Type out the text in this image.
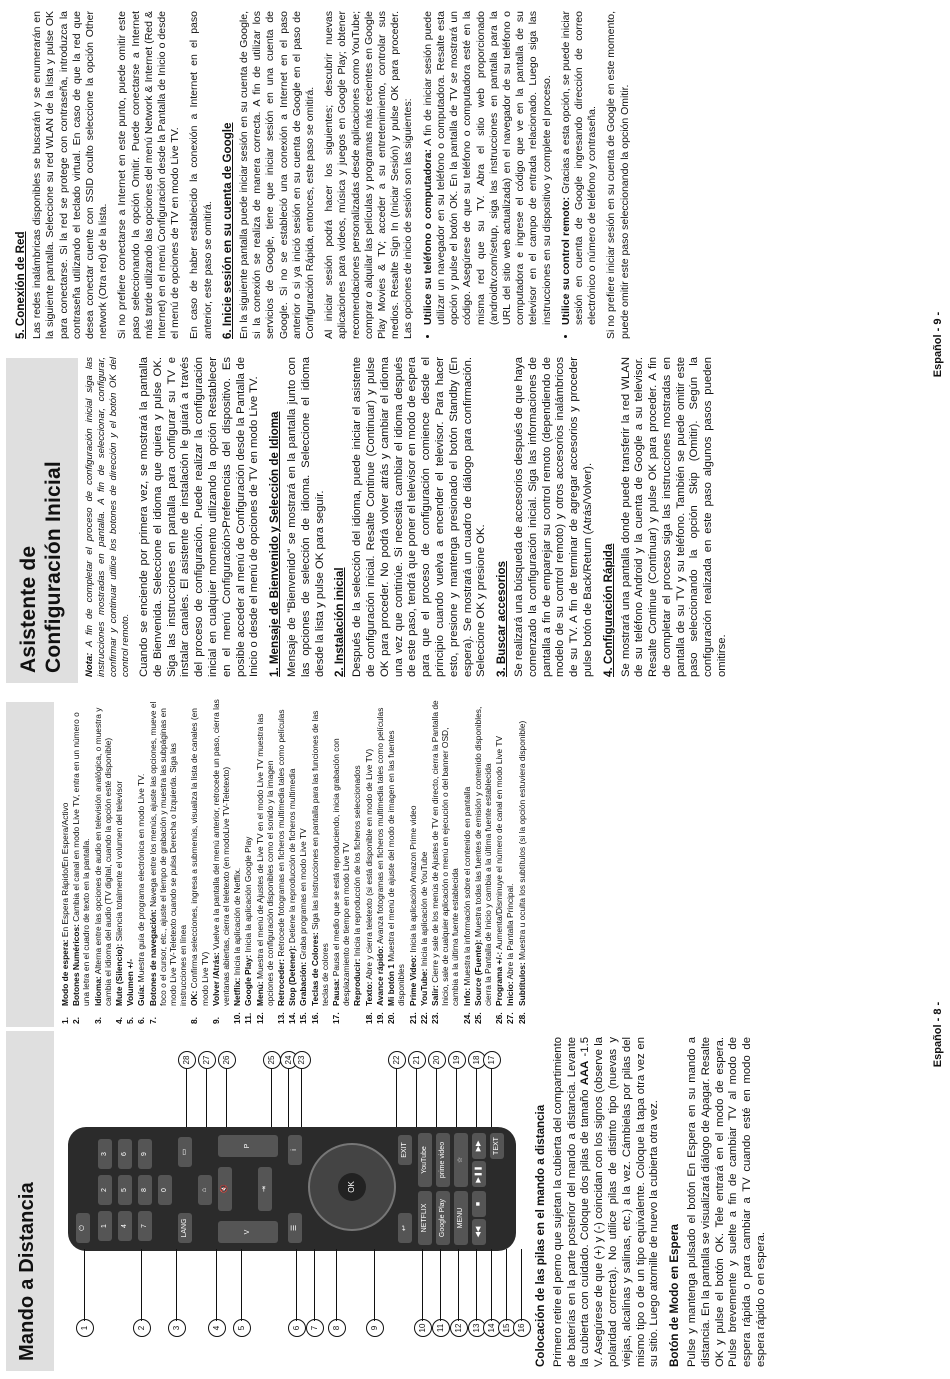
Mando a Distancia	⏻	1
2
3
4
5
6
7
8
9
0
LANG
▭
⌂
V
P
🔇	⇥
☰
i
OK
↩
EXIT
NETFLIX
YouTube
Google Play
prime video
MENU
☆
◀◀
■
▶❚❚
▶▶	TEXT
1	2	3	4	5	6	7	8	9	10	11	12	13 14 15 16
28	27	26	25	24 23	22	21	20	19	18 17
1.
Modo de espera: En Espera Rápido/En Espera/Activo
2.
Botones Numéricos: Cambia el canal en modo Live TV, entra en un número o una letra en el cuadro de texto en la pantalla.
3.
Idioma: Alterna entre las opciones de audio en televisión analógica, o muestra y cambia el idioma del audio (TV digital, cuando la opción esté disponible)
4.
Mute (Silencio): Silencia totalmente el volumen del televisor
5.
Volumen +/-
6.
Guía: Muestra guía de programa electrónica en modo Live TV.
7.
Botones de navegación: Navega entre los menús, ajuste las opciones, mueve el foco o el cursor, etc., ajuste el tiempo de grabación y muestra las subpáginas en modo Live TV-Teletexto cuando se pulsa Derecha o Izquierda. Siga las instrucciones en línea
8.
OK: Confirma selecciones, ingresa a submenús, visualiza la lista de canales (en modo Live TV)
9.
Volver /Atrás: Vuelve a la pantalla del menú anterior, retrocede un paso, cierra las ventanas abiertas, cierra el teletexto (en modoLive TV-Teletexto)
10.
Netflix: Inicia la aplicación de Netflix.
11.
Google Play: Inicia la aplicación Google Play
12.
Menú: Muestra el menú de Ajustes de Live TV en el modo Live TV muestra las opciones de configuración disponibles como el sonido y la imagen
13.
Retroceder: Retrocede fotogramas en ficheros multimedia tales como películas
14.
Stop (Detener): Detiene la reproducción de ficheros multimedia
15.
Grabación: Graba programas en modo Live TV
16.
Teclas de Colores: Siga las instrucciones en pantalla para las funciones de las teclas de colores
17.
Pausa: Pausa el medio que se está reproduciendo, inicia grabación con desplazamiento de tiempo en modo Live TV Reproducir: Inicia la reproducción de los ficheros seleccionados
18.
Texto: Abre y cierra teletexto (si está disponible en modo de Live TV)
19.
Avance rápido: Avanza fotogramas en ficheros multimedia tales como películas
20.
Mi botón 1 Muestra el menú de ajuste del modo de imagen en las fuentes disponibles
21.
Prime Video: Inicia la aplicación Amazon Prime video
22.
YouTube: Inicia la aplicación de YouTube
23.
Salir: Cierre y sale de los menús de Ajustes de TV en directo, cierra la Pantalla de Inicio, sale de cualquier aplicación o menú en ejecución o del banner OSD, cambia a la última fuente establecida
24.
Info: Muestra la información sobre el contenido en pantalla
25.
Source (Fuente): Muestra todas las fuentes de emisión y contenido disponibles, cierra la Pantalla de Inicio y cambia a la última fuente establecida
26.
Programa +/-: Aumenta/Disminuye el número de canal en modo Live TV
27.
Inicio: Abre la Pantalla Principal.
28.
Subtítulos: Muestra u oculta los subtítulos (si la opción estuviera disponible)
Colocación de las pilas en el mando a distancia Primero retire el perno que sujetan la cubierta del compartimiento de baterías en la parte posterior del mando a distancia. Levante la cubierta con cuidado. Coloque dos pilas de tamaño AAA -1.5 V. Asegúrese de que (+) y (-) coincidan con los signos (observe la polaridad correcta). No utilice pilas de distinto tipo (nuevas y viejas, alcalinas y salinas, etc.) a la vez. Cámbielas por pilas del mismo tipo o de un tipo equivalente. Coloque la tapa otra vez en su sitio. Luego atornille de nuevo la cubierta otra vez. Botón de Modo en Espera Pulse y mantenga pulsado el botón En Espera en su mando a distancia. En la pantalla se visualizará diálogo de Apagar. Resalte OK y pulse el botón OK. Tele entrará en el modo de espera. Pulse brevemente y suelte a fin de cambiar TV al modo de espera rápida o para cambiar a TV cuando esté en modo de espera rápido o en espera.

Español - 8 -
Asistente de Configuración Inicial Nota: A fin de completar el proceso de configuración inicial siga las instrucciones mostradas en pantalla. A fin de seleccionar, configurar, confirmar y continuar utilice los botones de dirección y el botón OK del control remoto. Cuando se enciende por primera vez, se mostrará la pantalla de Bienvenida. Seleccione el idioma que quiera y pulse OK. Siga las instrucciones en pantalla para configurar su TV e instalar canales. El asistente de instalación le guiará a través del proceso de configuración. Puede realizar la configuración inicial en cualquier momento utilizando la opción Restablecer en el menú Configuración>Preferencias del dispositivo. Es posible acceder al menú de Configuración desde la Pantalla de Inicio o desde el menú de opciones de TV en modo Live TV. 1. Mensaje de Bienvenido y Selección de Idioma Mensaje de "Bienvenido" se mostrará en la pantalla junto con las opciones de selección de idioma. Seleccione el idioma desde la lista y pulse OK para seguir. 2. Instalación inicial Después de la selección del idioma, puede iniciar el asistente de configuración inicial. Resalte Continue (Continuar) y pulse OK para proceder. No podrá volver atrás y cambiar el idioma una vez que continúe. Si necesita cambiar el idioma después de este paso, tendrá que poner el televisor en modo de espera para que el proceso de configuración comience desde el principio cuando vuelva a encender el televisor. Para hacer esto, presione y mantenga presionado el botón Standby (En espera). Se mostrará un cuadro de diálogo para confirmación. Seleccione OK y presione OK. 3. Buscar accesorios Se realizará una búsqueda de accesorios después de que haya comenzado la configuración inicial. Siga las informaciones de pantalla a fin de emparejar su control remoto (dependiendo de modelo de su control remoto) y otros accesorios inalámbricos de su TV. A fin de terminar de agregar accesorios y proceder pulse botón de Back/Return (Atrás/Volver). 4. Configuración Rápida Se mostrará una pantalla donde puede transferir la red WLAN de su teléfono Android y la cuenta de Google a su televisor. Resalte Continue (Continuar) y pulse OK para proceder. A fin de completar el proceso siga las instrucciones mostradas en pantalla de su TV y su teléfono. También se puede omitir este paso seleccionando la opción Skip (Omitir). Según la configuración realizada en este paso algunos pasos pueden omitirse.

5. Conexión de Red Las redes inalámbricas disponibles se buscarán y se enumerarán en la siguiente pantalla. Seleccione su red WLAN de la lista y pulse OK para conectarse. Si la red se protege con contraseña, introduzca la contraseña utilizando el teclado virtual. En caso de que la red que desea conectar cuente con SSID oculto seleccione la opción Other network (Otra red) de la lista. Si no prefiere conectarse a Internet en este punto, puede omitir este paso seleccionando la opción Omitir. Puede conectarse a Internet más tarde utilizando las opciones del menú Network & Internet (Red & Internet) en el menú Configuración desde la Pantalla de Inicio o desde el menú de opciones de TV en modo Live TV. En caso de haber establecido la conexión a Internet en el paso anterior, este paso se omitirá. 6. Inicie sesión en su cuenta de Google En la siguiente pantalla puede iniciar sesión en su cuenta de Google, si la conexión se realiza de manera correcta. A fin de utilizar los servicios de Google, tiene que iniciar sesión en una cuenta de Google. Si no se estableció una conexión a Internet en el paso anterior o si ya inició sesión en su cuenta de Google en el paso de Configuración Rápida, entonces, este paso se omitirá. Al iniciar sesión podrá hacer los siguientes; descubrir nuevas aplicaciones para videos, música y juegos en Google Play; obtener recomendaciones personalizadas desde aplicaciones como YouTube; comprar o alquilar las películas y programas más recientes en Google Play Movies & TV; acceder a su entretenimiento, controlar sus medios. Resalte Sign In (Iniciar Sesión) y pulse OK para proceder. Las opciones de inicio de sesión son las siguientes: • Utilice su teléfono o computadora: A fin de iniciar sesión puede utilizar un navegador en su teléfono o computadora. Resalte esta opción y pulse el botón OK. En la pantalla de TV se mostrará un código. Asegúrese de que su teléfono o computadora esté en la misma red que su TV. Abra el sitio web proporcionado (androidtv.com/setup, siga las instrucciones en pantalla para la URL del sitio web actualizada) en el navegador de su teléfono o computadora e ingrese el código que ve en la pantalla de su televisor en el campo de entrada relacionado. Luego siga las instrucciones en su dispositivo y complete el proceso. • Utilice su control remoto: Gracias a esta opción, se puede iniciar sesión en cuenta de Google ingresando dirección de correo electrónico o número de teléfono y contraseña. Si no prefiere iniciar sesión en su cuenta de Google en este momento, puede omitir este paso seleccionando la opción Omitir.

Español - 9 -
